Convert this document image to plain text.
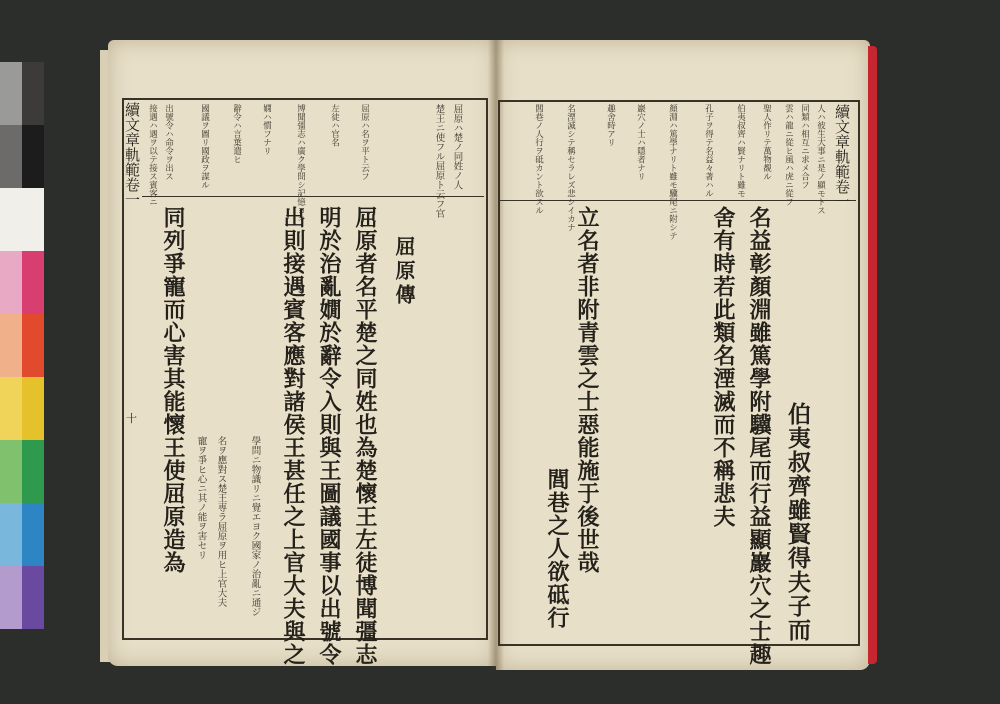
續文章軌範卷一
十
接遇ハ遇ヲ以テ接ス賓客ニ 出號令ハ命令ヲ出ス	國議ヲ圖リ國政ヲ謀ル	辭令ハ言葉遣ヒ 嫺ハ慣フナリ	博聞彊志ハ廣ク學問シ記憶ヨキ	左徒ハ官名 屈原ハ名ヲ平ト云フ
屈原者名平楚之同姓也為楚懷王左徒博聞彊志
明於治亂嫺於辭令入則與王圖議國事以出號令
出則接遇賓客應對諸侯王甚任之上官大夫與之
同列爭寵而心害其能懷王使屈原造為	屈原傳
楚王ニ使フル屈原ト云フ官 屈原ハ楚ノ同姓ノ人
學問ニ物識リニ覺エヨク國家ノ治亂ニ通ジ
名ヲ應對ス楚王専ラ屈原ヲ用ヒ上官大夫
寵ヲ爭ヒ心ニ其ノ能ヲ害セリ
續文章軌範卷一
人ハ彼生大事ニ是ノ顯モトス
同類ハ相互ニ求メ合フ
雲ハ龍ニ從ヒ風ハ虎ニ從フ
聖人作リテ萬物覩ル
伯夷叔齊ハ賢ナリト雖モ
孔子ヲ得テ名益々著ハル
顏淵ハ篤學ナリト雖モ驥尾ニ附シテ
巖穴ノ士ハ隱者ナリ
趣舍時アリ
名湮滅シテ稱セラレズ悲シイカナ
閭巷ノ人行ヲ砥カント欲スル
伯夷叔齊雖賢得夫子而
名益彰顏淵雖篤學附驥尾而行益顯巖穴之士趣
舍有時若此類名湮滅而不稱悲夫
立名者非附青雲之士惡能施于後世哉
閭巷之人欲砥行
